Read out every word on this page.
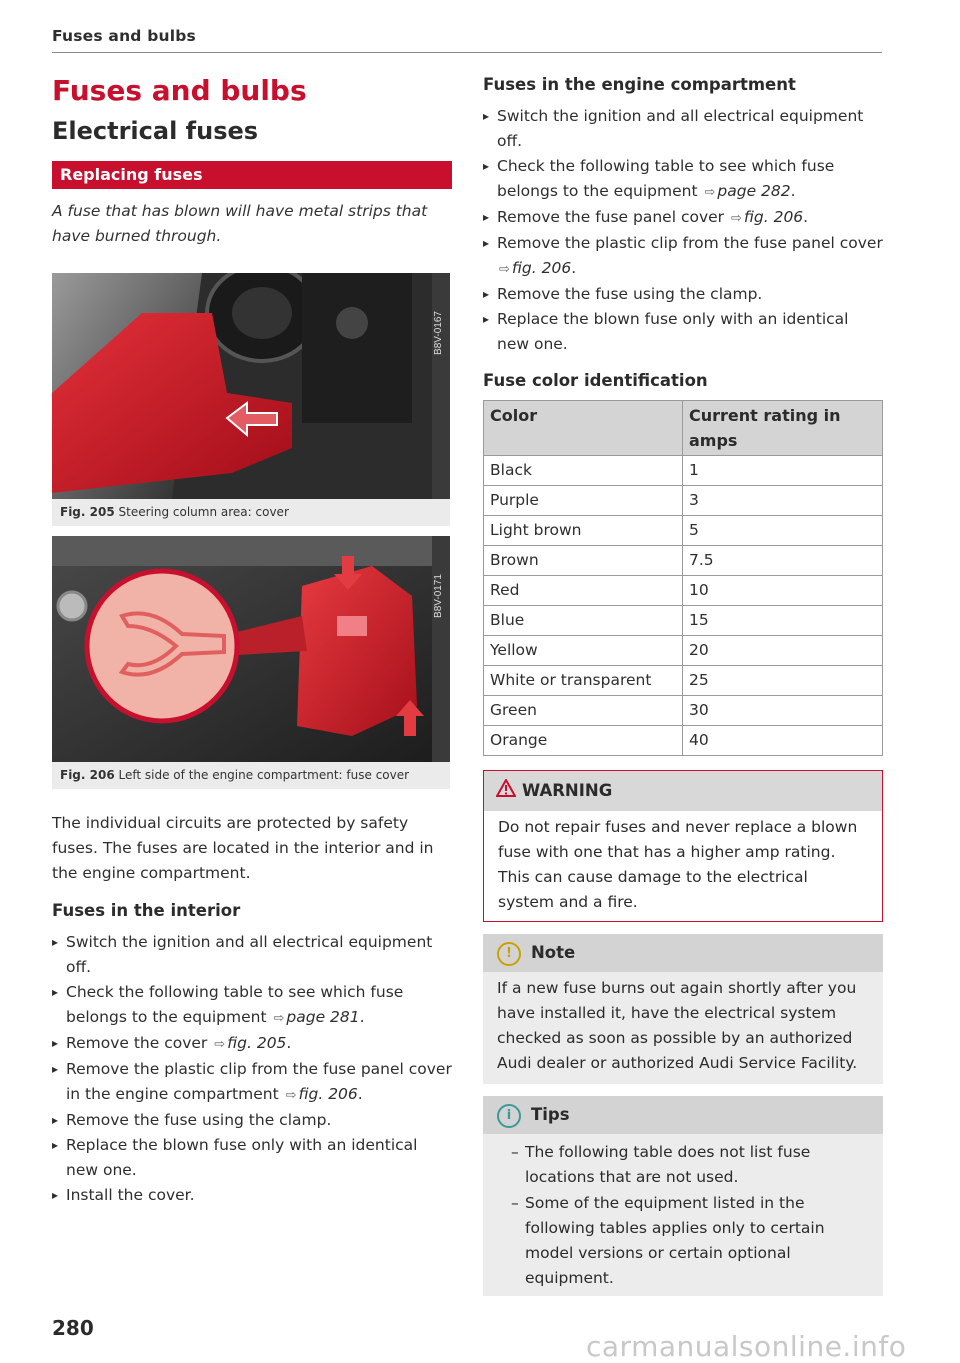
Fuses and bulbs
Fuses and bulbs
Electrical fuses
Replacing fuses

A fuse that has blown will have metal strips that have burned through.

B8V-0167
Fig. 205 Steering column area: cover
B8V-0171
Fig. 206 Left side of the engine compartment: fuse cover

The individual circuits are protected by safety fuses. The fuses are located in the interior and in the engine compartment.

Fuses in the interior

▸ Switch the ignition and all electrical equipment off.
▸ Check the following table to see which fuse belongs to the equipment ⇨ page 281.
▸ Remove the cover ⇨ fig. 205.
▸ Remove the plastic clip from the fuse panel cover in the engine compartment ⇨ fig. 206.
▸ Remove the fuse using the clamp.
▸ Replace the blown fuse only with an identical new one.
▸ Install the cover.

Fuses in the engine compartment

▸ Switch the ignition and all electrical equipment off.
▸ Check the following table to see which fuse belongs to the equipment ⇨ page 282.
▸ Remove the fuse panel cover ⇨ fig. 206.
▸ Remove the plastic clip from the fuse panel cover ⇨ fig. 206.
▸ Remove the fuse using the clamp.
▸ Replace the blown fuse only with an identical new one.

Fuse color identification

Color	Current rating in amps
Black	1
Purple	3
Light brown	5
Brown	7.5
Red	10
Blue	15
Yellow	20
White or transparent	25
Green	30
Orange	40
WARNING
Do not repair fuses and never replace a blown fuse with one that has a higher amp rating. This can cause damage to the electrical system and a fire.
! Note
If a new fuse burns out again shortly after you have installed it, have the electrical system checked as soon as possible by an authorized Audi dealer or authorized Audi Service Facility.
i Tips
– The following table does not list fuse locations that are not used.
– Some of the equipment listed in the following tables applies only to certain model versions or certain optional equipment.
280
carmanualsonline.info
